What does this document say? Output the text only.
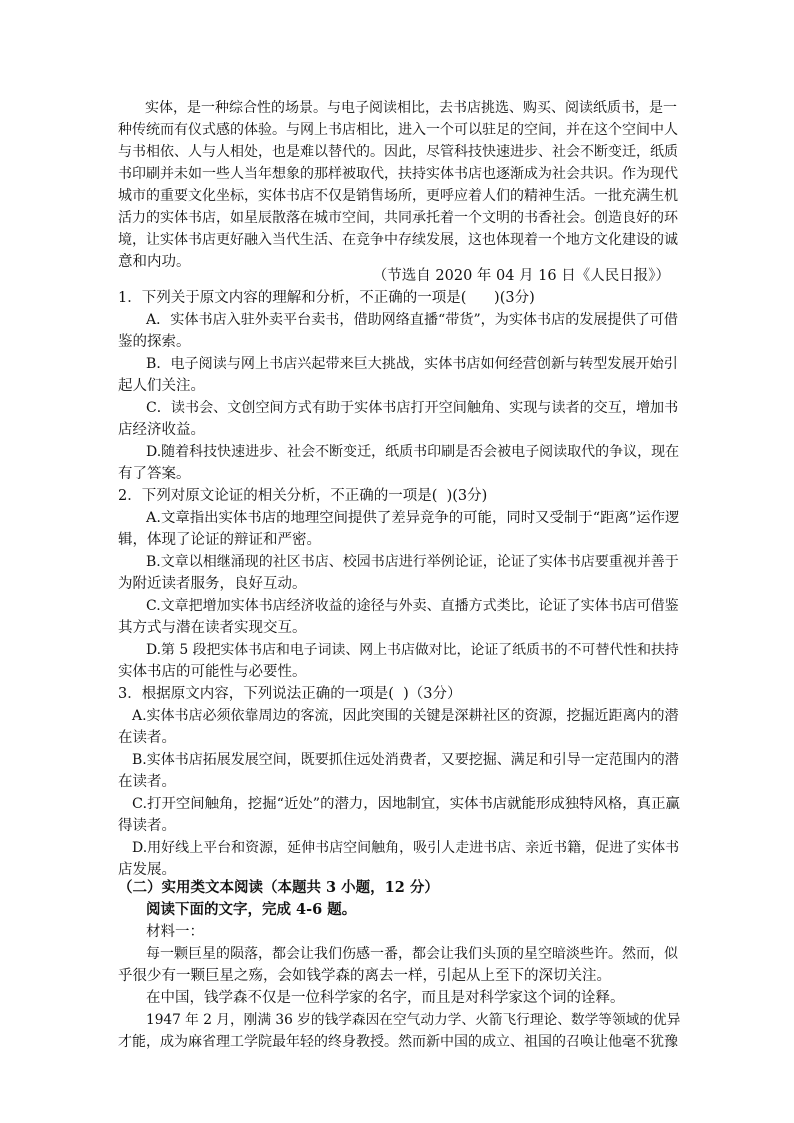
实体，是一种综合性的场景。与电子阅读相比，去书店挑选、购买、阅读纸质书，是一
种传统而有仪式感的体验。与网上书店相比，进入一个可以驻足的空间，并在这个空间中人
与书相依、人与人相处，也是难以替代的。因此，尽管科技快速进步、社会不断变迁，纸质
书印刷并未如一些人当年想象的那样被取代，扶持实体书店也逐渐成为社会共识。作为现代
城市的重要文化坐标，实体书店不仅是销售场所，更呼应着人们的精神生活。一批充满生机
活力的实体书店，如星辰散落在城市空间，共同承托着一个文明的书香社会。创造良好的环
境，让实体书店更好融入当代生活、在竞争中存续发展，这也体现着一个地方文化建设的诚
意和内功。
（节选自 2020 年 04 月 16 日《人民日报》）
1．下列关于原文内容的理解和分析，不正确的一项是(      )(3分)
A．实体书店入驻外卖平台卖书，借助网络直播“带货”，为实体书店的发展提供了可借
鉴的探索。
B．电子阅读与网上书店兴起带来巨大挑战，实体书店如何经营创新与转型发展开始引
起人们关注。
C．读书会、文创空间方式有助于实体书店打开空间触角、实现与读者的交互，增加书
店经济收益。
D.随着科技快速进步、社会不断变迁，纸质书印刷是否会被电子阅读取代的争议，现在
有了答案。
2．下列对原文论证的相关分析，不正确的一项是(  )(3分)
A.文章指出实体书店的地理空间提供了差异竞争的可能，同时又受制于“距离”运作逻
辑，体现了论证的辩证和严密。
B.文章以相继涌现的社区书店、校园书店进行举例论证，论证了实体书店要重视并善于
为附近读者服务，良好互动。
C.文章把增加实体书店经济收益的途径与外卖、直播方式类比，论证了实体书店可借鉴
其方式与潜在读者实现交互。
D.第 5 段把实体书店和电子词读、网上书店做对比，论证了纸质书的不可替代性和扶持
实体书店的可能性与必要性。
3．根据原文内容，下列说法正确的一项是(  )（3分）
A.实体书店必须依靠周边的客流，因此突围的关键是深耕社区的资源，挖掘近距离内的潜
在读者。
B.实体书店拓展发展空间，既要抓住远处消费者，又要挖掘、满足和引导一定范围内的潜
在读者。
C.打开空间触角，挖掘“近处”的潜力，因地制宜，实体书店就能形成独特风格，真正赢
得读者。
D.用好线上平台和资源，延伸书店空间触角，吸引人走进书店、亲近书籍，促进了实体书
店发展。
（二）实用类文本阅读（本题共 3 小题，12 分）
阅读下面的文字，完成 4-6 题。
材料一：
每一颗巨星的陨落，都会让我们伤感一番，都会让我们头顶的星空暗淡些许。然而，似
乎很少有一颗巨星之殇，会如钱学森的离去一样，引起从上至下的深切关注。
在中国，钱学森不仅是一位科学家的名字，而且是对科学家这个词的诠释。
1947 年 2 月，刚满 36 岁的钱学森因在空气动力学、火箭飞行理论、数学等领域的优异
才能，成为麻省理工学院最年轻的终身教授。然而新中国的成立、祖国的召唤让他毫不犹豫
